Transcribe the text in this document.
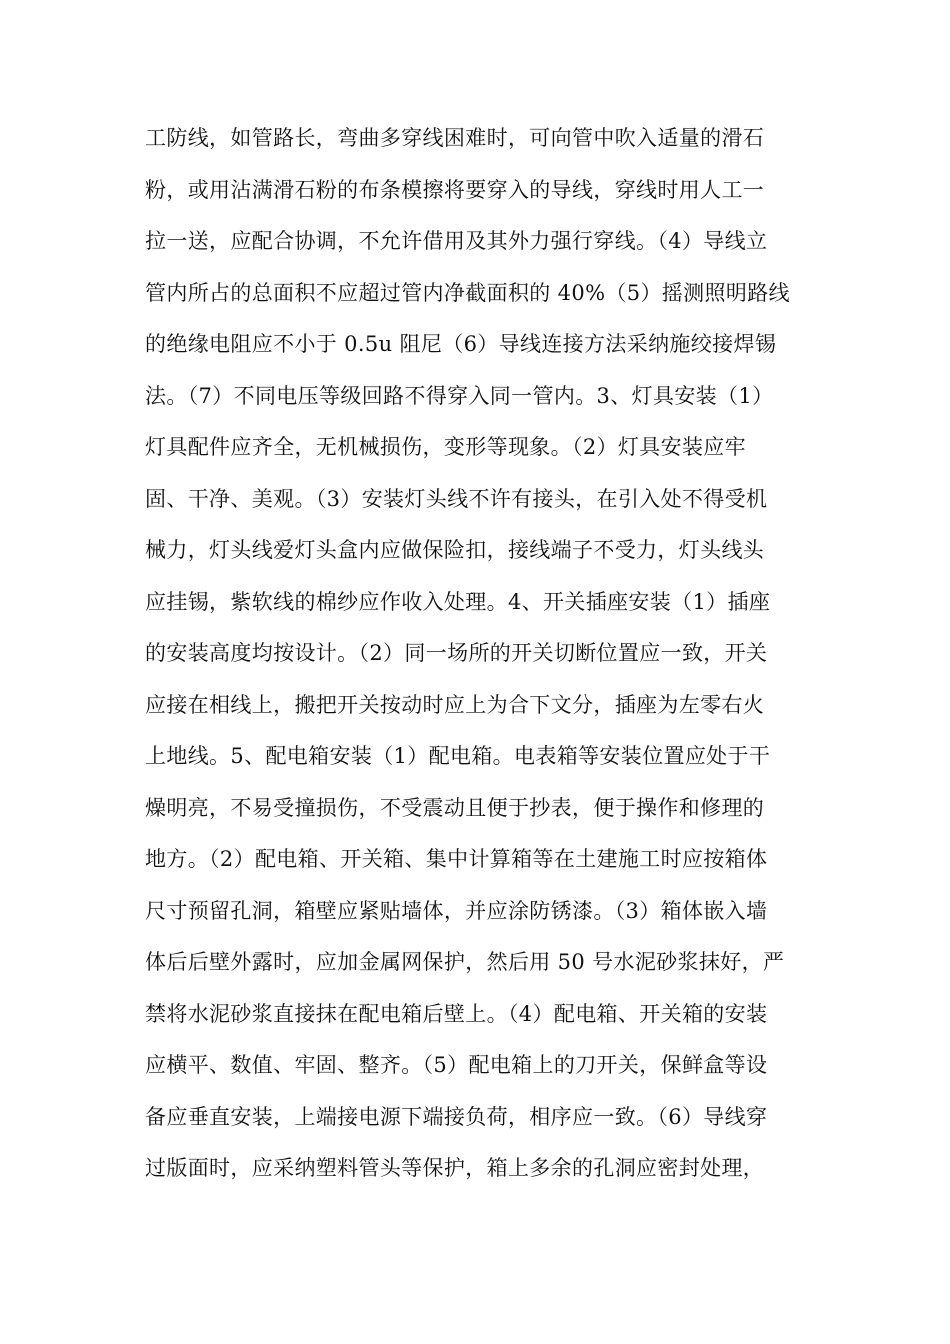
工防线，如管路长，弯曲多穿线困难时，可向管中吹入适量的滑石
粉，或用沾满滑石粉的布条模擦将要穿入的导线，穿线时用人工一
拉一送，应配合协调，不允许借用及其外力强行穿线。（4）导线立
管内所占的总面积不应超过管内净截面积的 40%（5）摇测照明路线
的绝缘电阻应不小于 0.5u 阻尼（6）导线连接方法采纳施绞接焊锡
法。（7）不同电压等级回路不得穿入同一管内。3、灯具安装（1）
灯具配件应齐全，无机械损伤，变形等现象。（2）灯具安装应牢
固、干净、美观。（3）安装灯头线不许有接头，在引入处不得受机
械力，灯头线爱灯头盒内应做保险扣，接线端子不受力，灯头线头
应挂锡，紫软线的棉纱应作收入处理。4、开关插座安装（1）插座
的安装高度均按设计。（2）同一场所的开关切断位置应一致，开关
应接在相线上，搬把开关按动时应上为合下文分，插座为左零右火
上地线。5、配电箱安装（1）配电箱。电表箱等安装位置应处于干
燥明亮，不易受撞损伤，不受震动且便于抄表，便于操作和修理的
地方。（2）配电箱、开关箱、集中计算箱等在土建施工时应按箱体
尺寸预留孔洞，箱壁应紧贴墙体，并应涂防锈漆。（3）箱体嵌入墙
体后后壁外露时，应加金属网保护，然后用 50 号水泥砂浆抹好，严
禁将水泥砂浆直接抹在配电箱后壁上。（4）配电箱、开关箱的安装
应横平、数值、牢固、整齐。（5）配电箱上的刀开关，保鲜盒等设
备应垂直安装，上端接电源下端接负荷，相序应一致。（6）导线穿
过版面时，应采纳塑料管头等保护，箱上多余的孔洞应密封处理，
